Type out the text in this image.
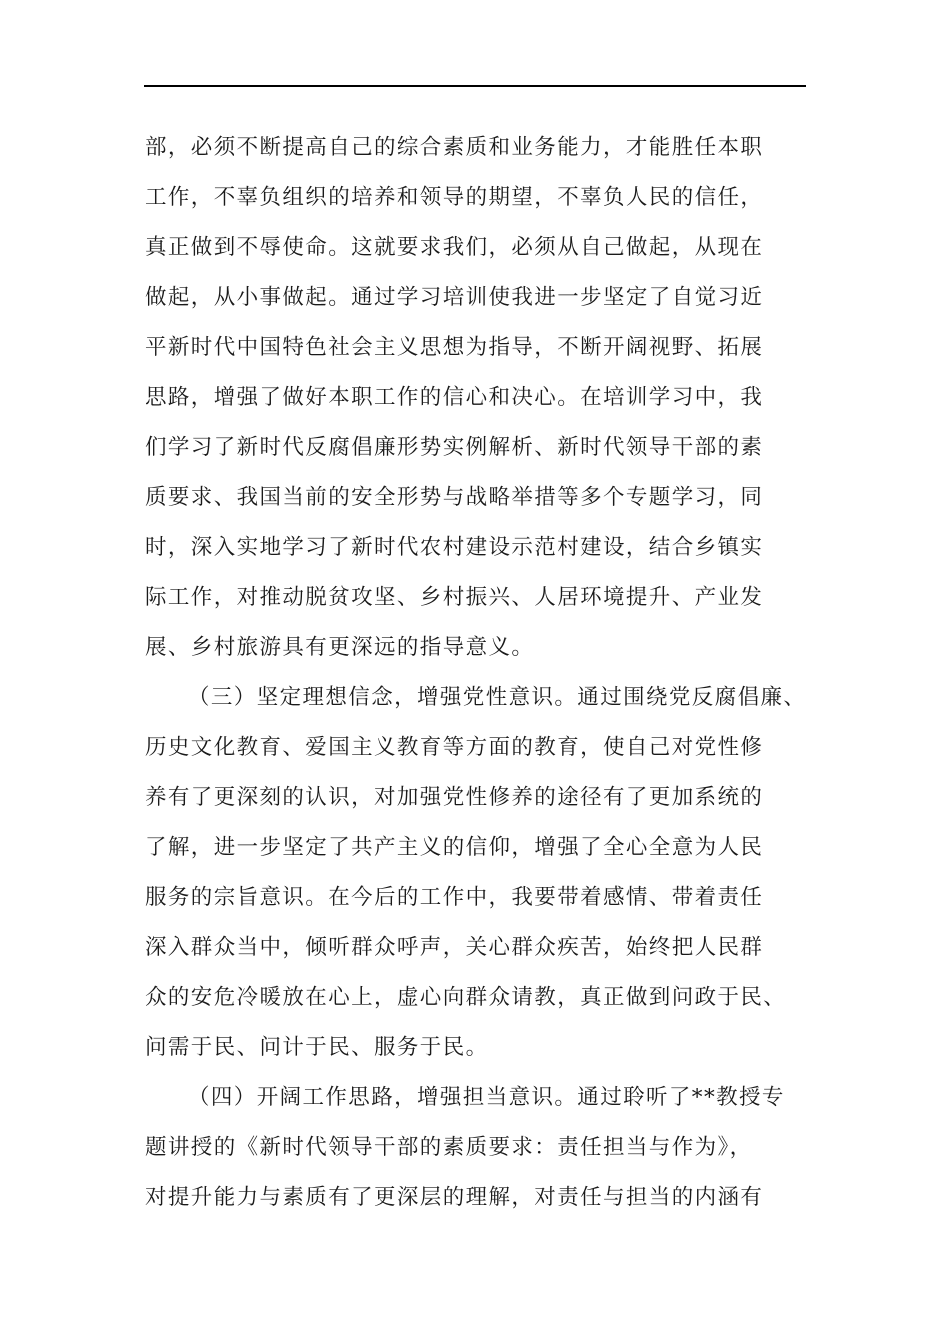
部，必须不断提高自己的综合素质和业务能力，才能胜任本职
工作，不辜负组织的培养和领导的期望，不辜负人民的信任，
真正做到不辱使命。这就要求我们，必须从自己做起，从现在
做起，从小事做起。通过学习培训使我进一步坚定了自觉习近
平新时代中国特色社会主义思想为指导，不断开阔视野、拓展
思路，增强了做好本职工作的信心和决心。在培训学习中，我
们学习了新时代反腐倡廉形势实例解析、新时代领导干部的素
质要求、我国当前的安全形势与战略举措等多个专题学习，同
时，深入实地学习了新时代农村建设示范村建设，结合乡镇实
际工作，对推动脱贫攻坚、乡村振兴、人居环境提升、产业发
展、乡村旅游具有更深远的指导意义。
（三）坚定理想信念，增强党性意识。通过围绕党反腐倡廉、
历史文化教育、爱国主义教育等方面的教育，使自己对党性修
养有了更深刻的认识，对加强党性修养的途径有了更加系统的
了解，进一步坚定了共产主义的信仰，增强了全心全意为人民
服务的宗旨意识。在今后的工作中，我要带着感情、带着责任
深入群众当中，倾听群众呼声，关心群众疾苦，始终把人民群
众的安危冷暖放在心上，虚心向群众请教，真正做到问政于民、
问需于民、问计于民、服务于民。
（四）开阔工作思路，增强担当意识。通过聆听了**教授专
题讲授的《新时代领导干部的素质要求：责任担当与作为》，
对提升能力与素质有了更深层的理解，对责任与担当的内涵有
